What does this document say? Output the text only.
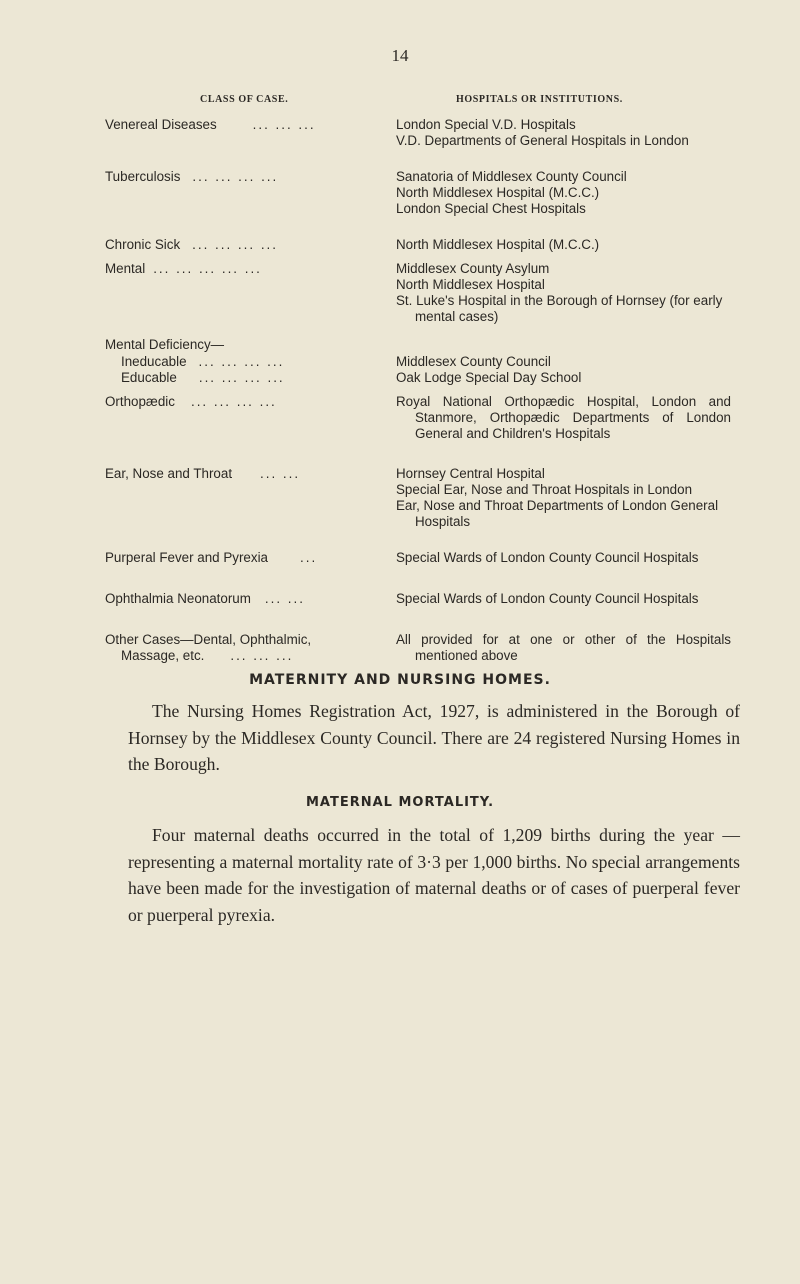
14
CLASS OF CASE.	HOSPITALS OR INSTITUTIONS.
Venereal Diseases	... ... ...	London Special V.D. Hospitals
V.D. Departments of General Hospitals in London
Tuberculosis ... ... ... ...	Sanatoria of Middlesex County Council
North Middlesex Hospital (M.C.C.)
London Special Chest Hospitals
Chronic Sick ... ... ... ...	North Middlesex Hospital (M.C.C.)
Mental ... ... ... ... ...	Middlesex County Asylum
North Middlesex Hospital
St. Luke's Hospital in the Borough of Hornsey (for early mental cases)
Mental Deficiency—
Ineducable ... ... ... ...	Middlesex County Council
Educable ... ... ... ...	Oak Lodge Special Day School
Orthopædic ... ... ... ...	Royal National Orthopædic Hospital, London and Stanmore, Orthopædic Departments of London General and Children's Hospitals
Ear, Nose and Throat ... ...	Hornsey Central Hospital
Special Ear, Nose and Throat Hospitals in London
Ear, Nose and Throat Departments of London General Hospitals
Purperal Fever and Pyrexia ...	Special Wards of London County Council Hospitals
Ophthalmia Neonatorum ... ...	Special Wards of London County Council Hospitals
Other Cases—Dental, Ophthalmic,
Massage, etc. ... ... ...
All provided for at one or other of the Hospitals mentioned above
MATERNITY AND NURSING HOMES.
The Nursing Homes Registration Act, 1927, is administered in the Borough of Hornsey by the Middlesex County Council. There are 24 registered Nursing Homes in the Borough.
MATERNAL MORTALITY.
Four maternal deaths occurred in the total of 1,209 births during the year — representing a maternal mortality rate of 3·3 per 1,000 births. No special arrangements have been made for the investigation of maternal deaths or of cases of puerperal fever or puerperal pyrexia.
